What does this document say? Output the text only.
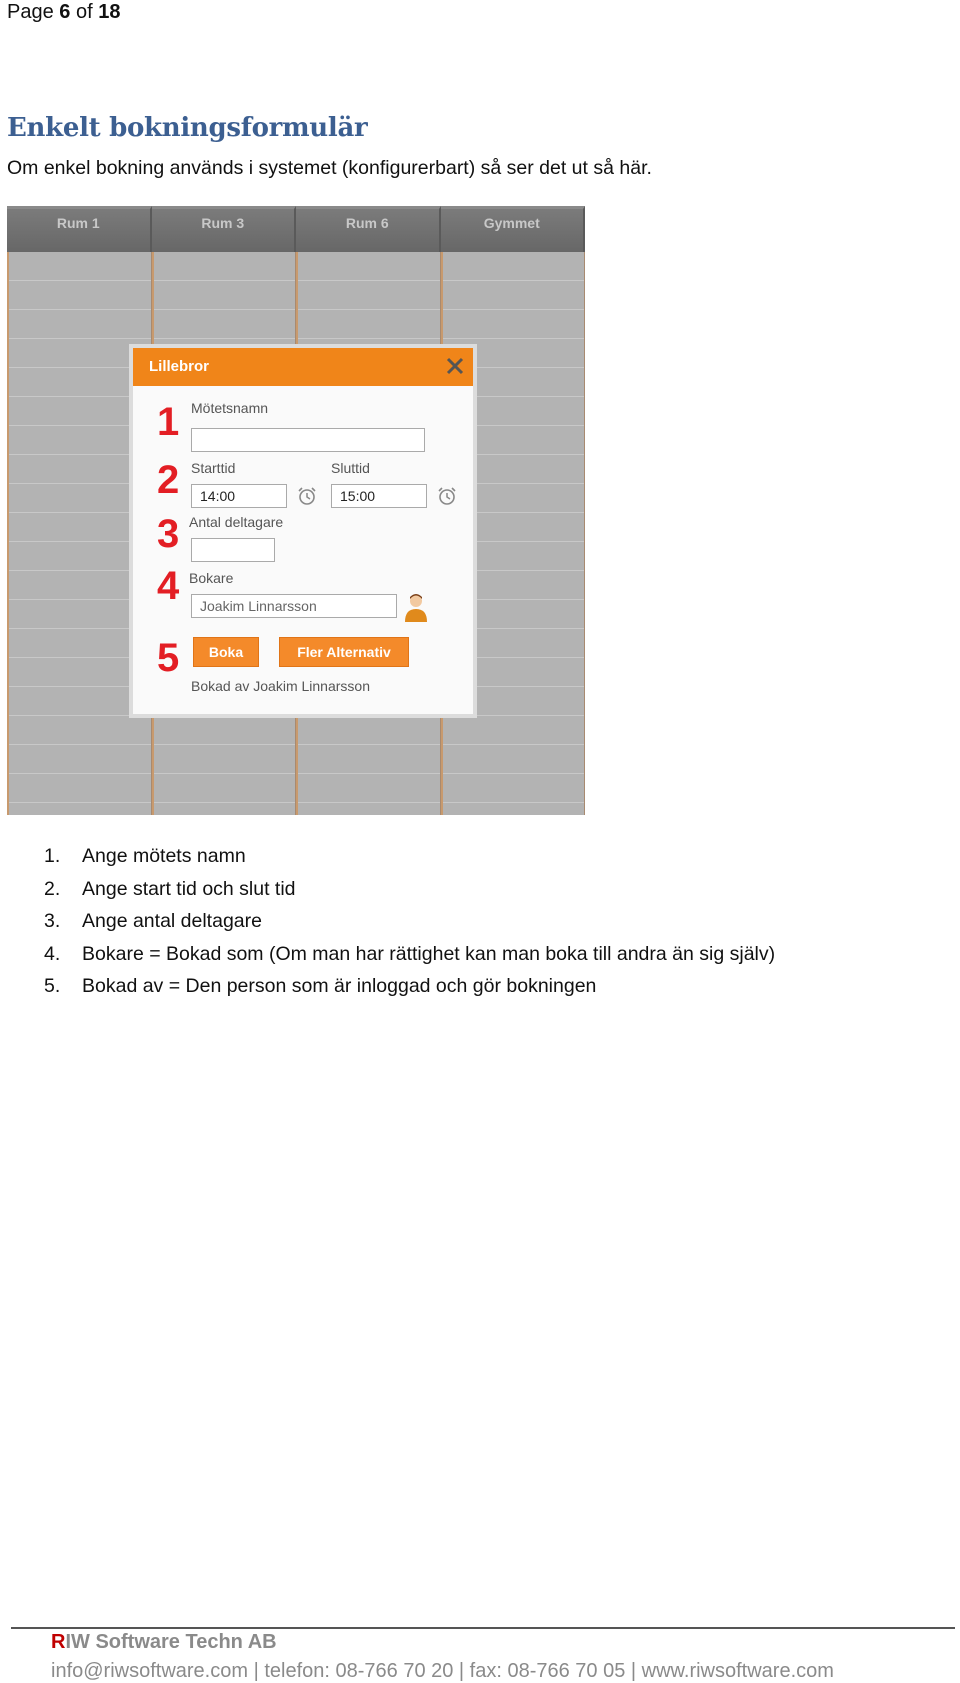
Page 6 of 18
Enkelt bokningsformulär

Om enkel bokning används i systemet (konfigurerbart) så ser det ut så här.

Rum 1	Rum 3	Rum 6	Gymmet
Lillebror
1
2
3
4
5
Mötetsnamn
Starttid
14:00	Sluttid
15:00
Antal deltagare
Bokare
Joakim Linnarsson
Boka	Fler Alternativ
Bokad av Joakim Linnarsson
1. Ange mötets namn
2. Ange start tid och slut tid
3. Ange antal deltagare
4. Bokare = Bokad som (Om man har rättighet kan man boka till andra än sig själv)
5. Bokad av = Den person som är inloggad och gör bokningen
RIW Software Techn AB
info@riwsoftware.com | telefon: 08-766 70 20 | fax: 08-766 70 05 | www.riwsoftware.com
